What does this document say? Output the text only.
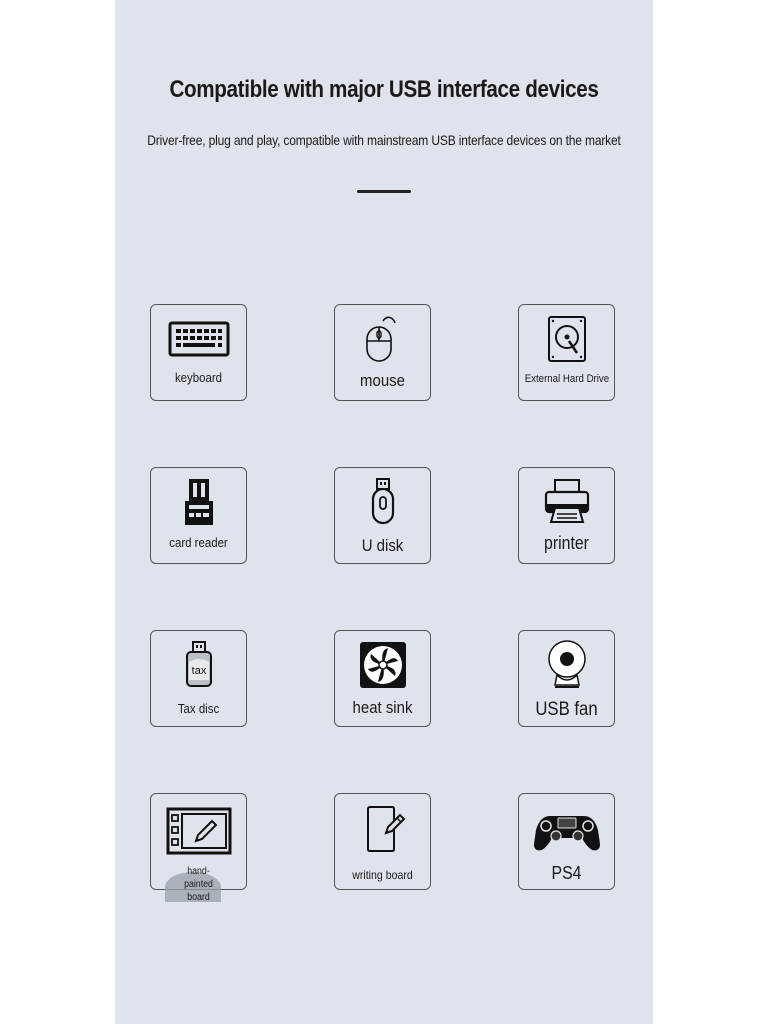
Compatible with major USB interface devices
Driver-free, plug and play, compatible with mainstream USB interface devices on the market
keyboard	mouse	External Hard Drive
card reader	U disk	printer
tax
Tax disc	heat sink	USB fan
hand-painted board
writing board	PS4
